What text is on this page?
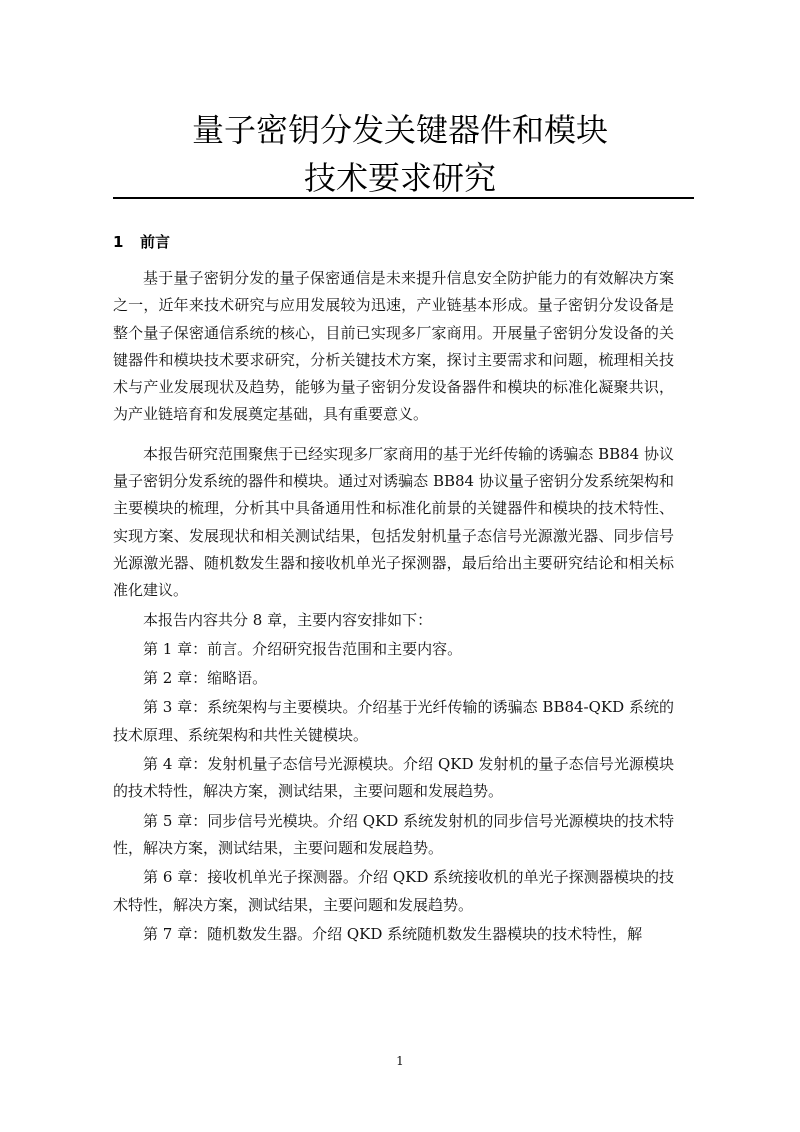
量子密钥分发关键器件和模块
技术要求研究
1 前言

基于量子密钥分发的量子保密通信是未来提升信息安全防护能力的有效解决方案之一，近年来技术研究与应用发展较为迅速，产业链基本形成。量子密钥分发设备是整个量子保密通信系统的核心，目前已实现多厂家商用。开展量子密钥分发设备的关键器件和模块技术要求研究，分析关键技术方案，探讨主要需求和问题，梳理相关技术与产业发展现状及趋势，能够为量子密钥分发设备器件和模块的标准化凝聚共识，为产业链培育和发展奠定基础，具有重要意义。

本报告研究范围聚焦于已经实现多厂家商用的基于光纤传输的诱骗态 BB84 协议量子密钥分发系统的器件和模块。通过对诱骗态 BB84 协议量子密钥分发系统架构和主要模块的梳理，分析其中具备通用性和标准化前景的关键器件和模块的技术特性、实现方案、发展现状和相关测试结果，包括发射机量子态信号光源激光器、同步信号光源激光器、随机数发生器和接收机单光子探测器，最后给出主要研究结论和相关标准化建议。

本报告内容共分 8 章，主要内容安排如下：

第 1 章：前言。介绍研究报告范围和主要内容。

第 2 章：缩略语。

第 3 章：系统架构与主要模块。介绍基于光纤传输的诱骗态 BB84-QKD 系统的技术原理、系统架构和共性关键模块。

第 4 章：发射机量子态信号光源模块。介绍 QKD 发射机的量子态信号光源模块的技术特性，解决方案，测试结果，主要问题和发展趋势。

第 5 章：同步信号光模块。介绍 QKD 系统发射机的同步信号光源模块的技术特性，解决方案，测试结果，主要问题和发展趋势。

第 6 章：接收机单光子探测器。介绍 QKD 系统接收机的单光子探测器模块的技术特性，解决方案，测试结果，主要问题和发展趋势。

第 7 章：随机数发生器。介绍 QKD 系统随机数发生器模块的技术特性，解

1
